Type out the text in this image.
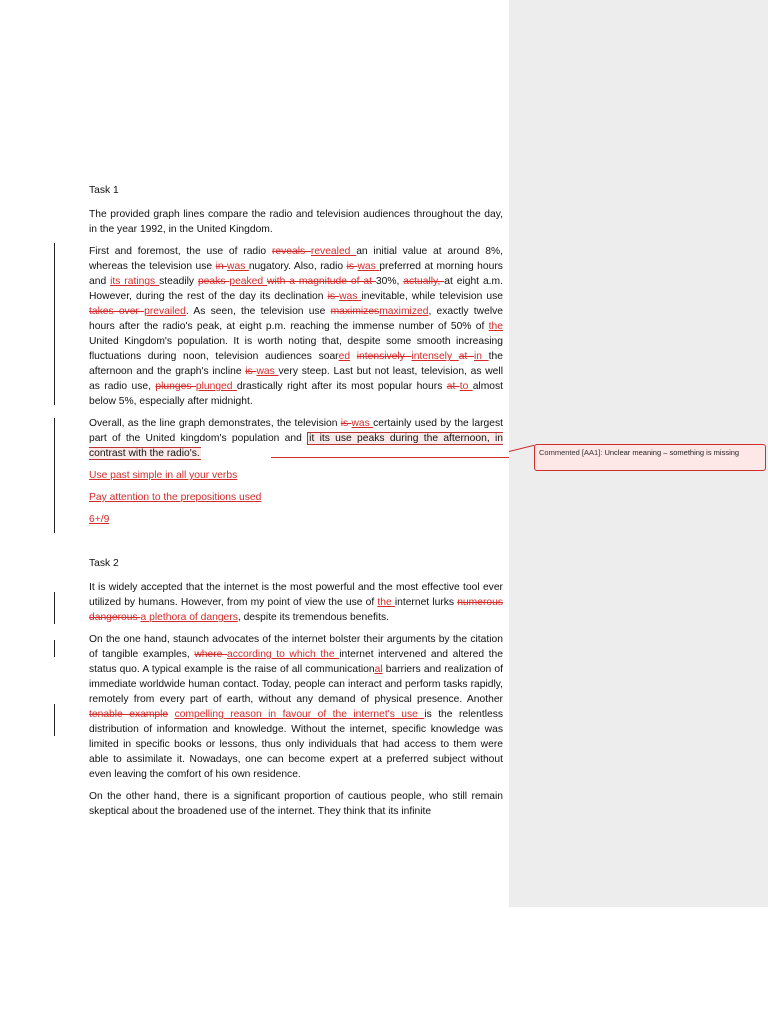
Commented [AA1]: Unclear meaning – something is missing
Task 1

The provided graph lines compare the radio and television audiences throughout the day, in the year 1992, in the United Kingdom.

First and foremost, the use of radio reveals revealed an initial value at around 8%, whereas the television use in was nugatory. Also, radio is was preferred at morning hours and its ratings steadily peaks peaked with a magnitude of at 30%, actually, at eight a.m. However, during the rest of the day its declination is was inevitable, while television use takes over prevailed. As seen, the television use maximizesmaximized, exactly twelve hours after the radio's peak, at eight p.m. reaching the immense number of 50% of the United Kingdom's population. It is worth noting that, despite some smooth increasing fluctuations during noon, television audiences soared intensively intensely at in the afternoon and the graph's incline is was very steep. Last but not least, television, as well as radio use, plunges plunged drastically right after its most popular hours at to almost below 5%, especially after midnight.

Overall, as the line graph demonstrates, the television is was certainly used by the largest part of the United kingdom's population and it its use peaks during the afternoon, in contrast with the radio's.

Use past simple in all your verbs

Pay attention to the prepositions used

6+/9

Task 2

It is widely accepted that the internet is the most powerful and the most effective tool ever utilized by humans. However, from my point of view the use of the internet lurks numerous dangerous a plethora of dangers, despite its tremendous benefits.

On the one hand, staunch advocates of the internet bolster their arguments by the citation of tangible examples, where according to which the internet intervened and altered the status quo. A typical example is the raise of all communicational barriers and realization of immediate worldwide human contact. Today, people can interact and perform tasks rapidly, remotely from every part of earth, without any demand of physical presence. Another tenable example compelling reason in favour of the internet's use is the relentless distribution of information and knowledge. Without the internet, specific knowledge was limited in specific books or lessons, thus only individuals that had access to them were able to assimilate it. Nowadays, one can become expert at a preferred subject without even leaving the comfort of his own residence.

On the other hand, there is a significant proportion of cautious people, who still remain skeptical about the broadened use of the internet. They think that its infinite
